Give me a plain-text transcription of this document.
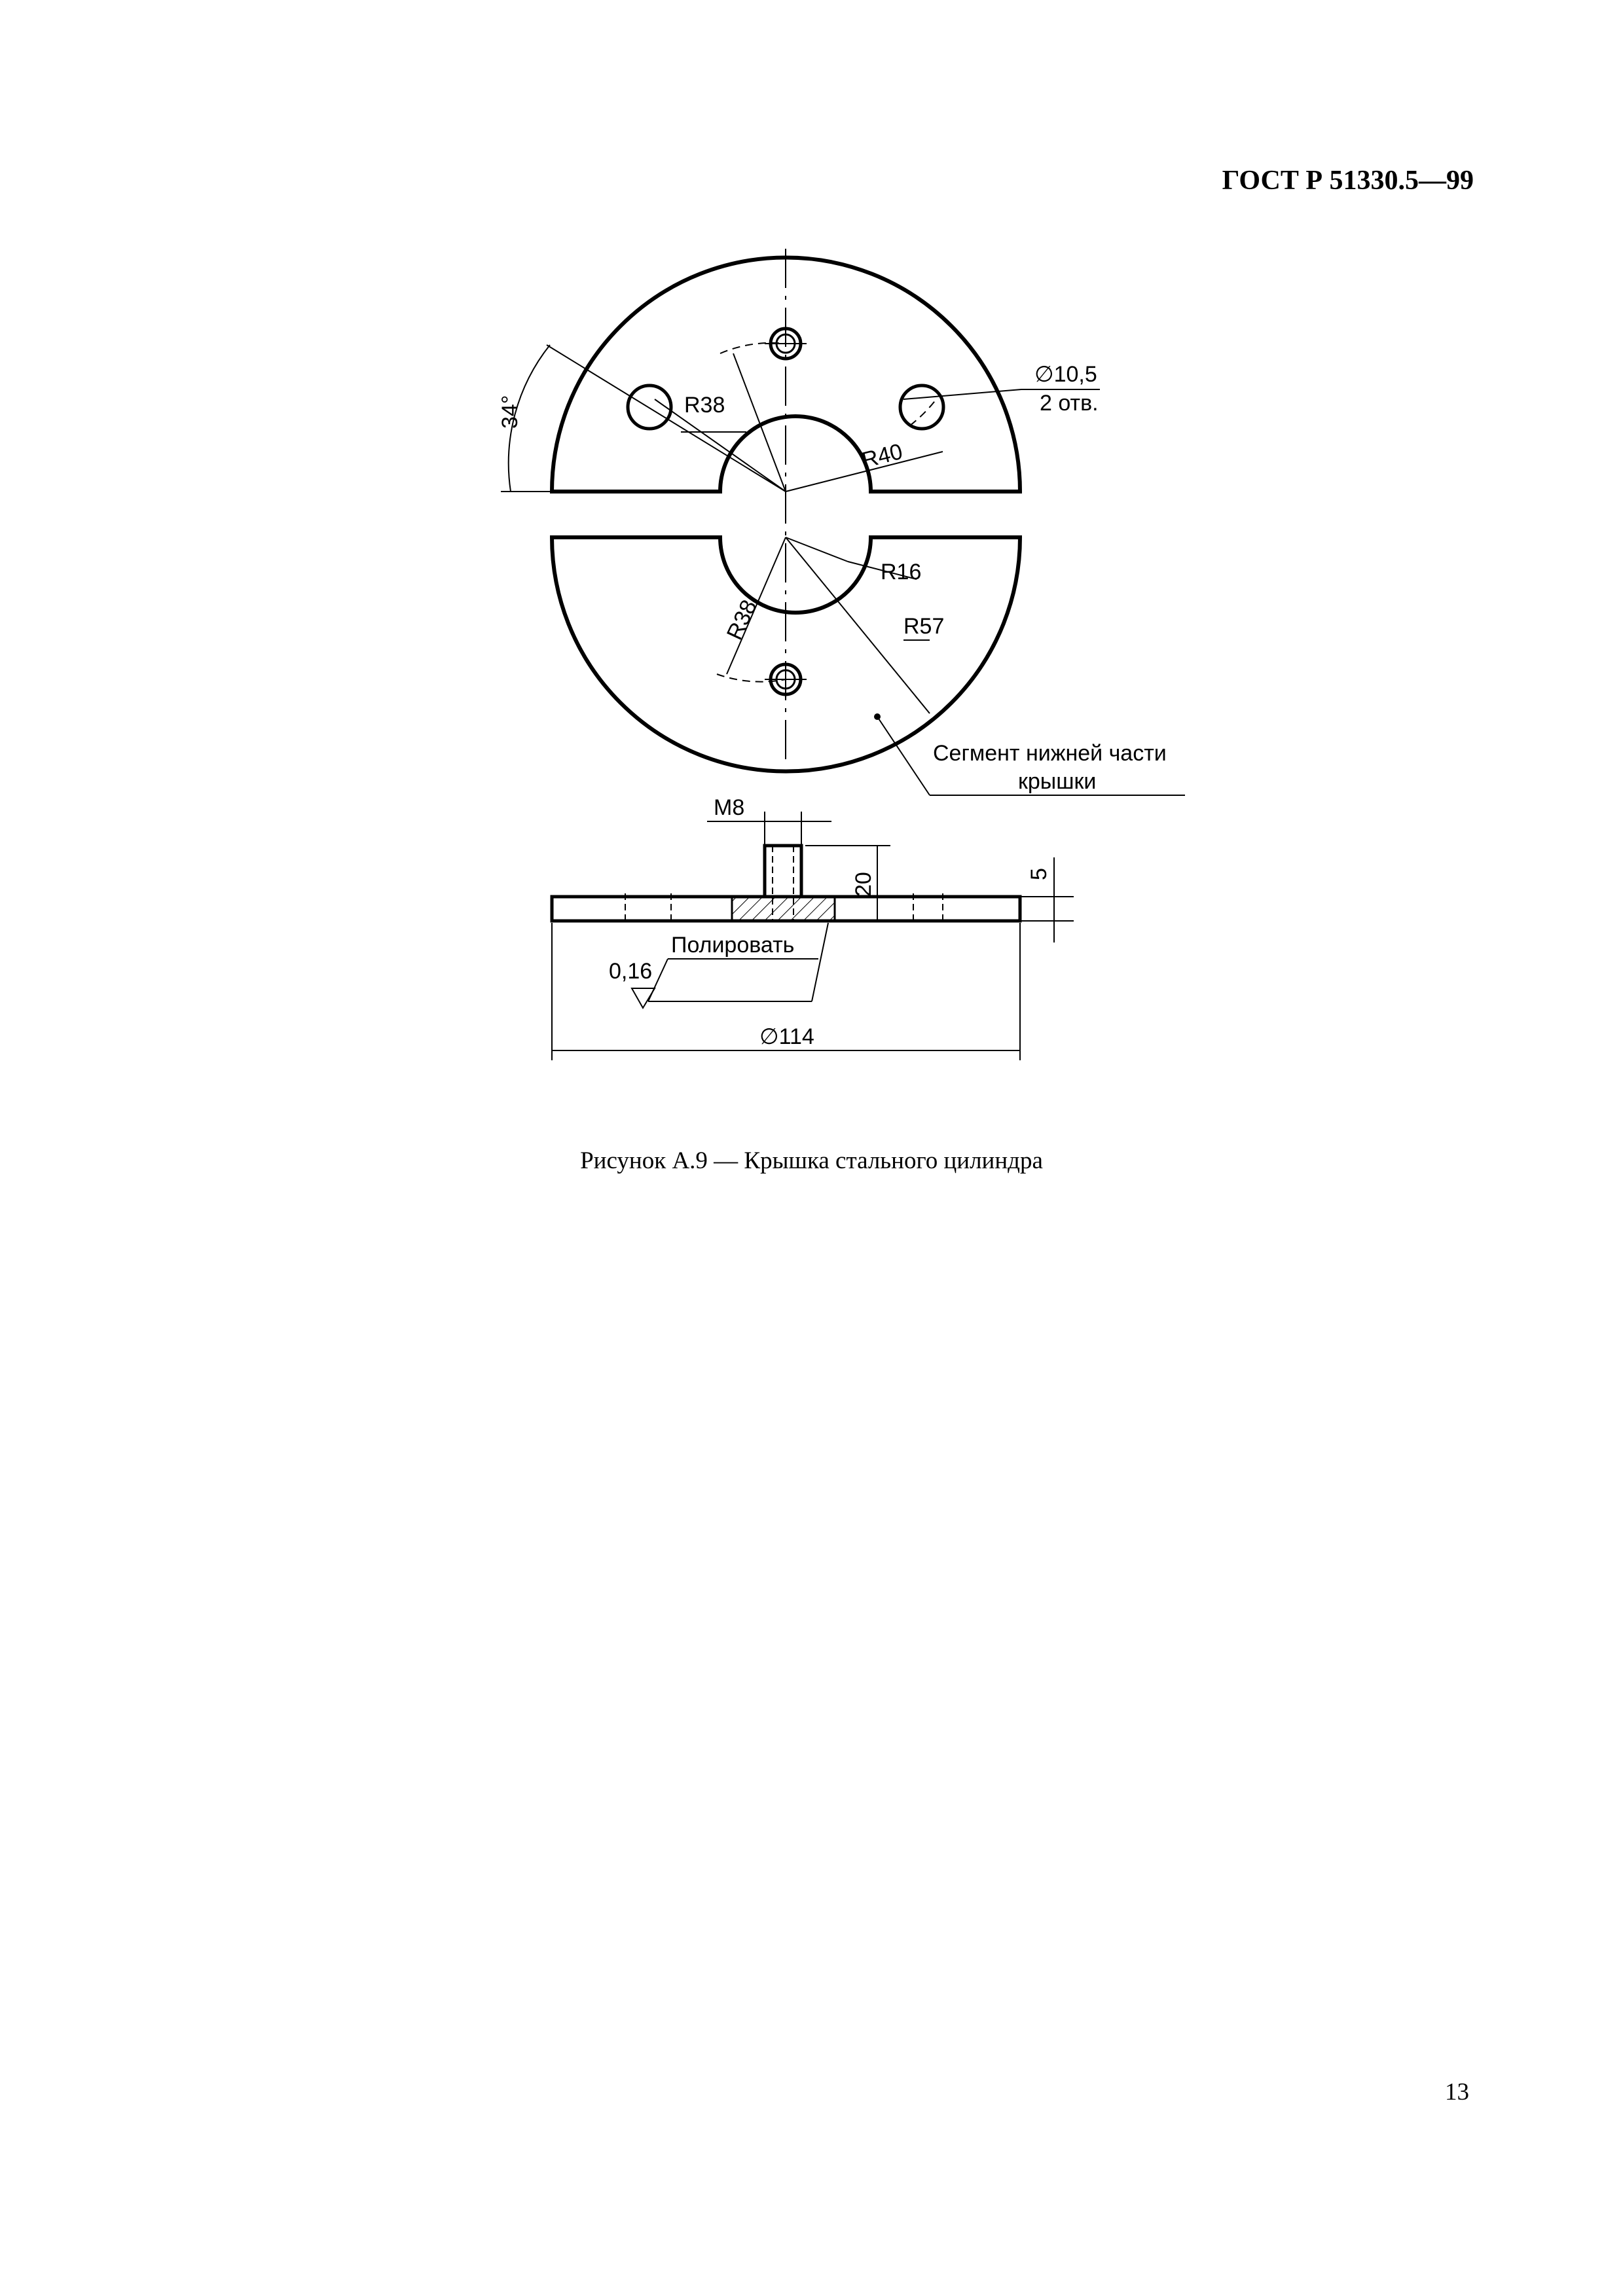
ГОСТ Р 51330.5—99
∅10,5
2 отв.
R38
R40
34°
R16
R38	R57
Сегмент нижней части
крышки
M8
20	5
Полировать
0,16
∅114
Рисунок А.9 — Крышка стального цилиндра
13
